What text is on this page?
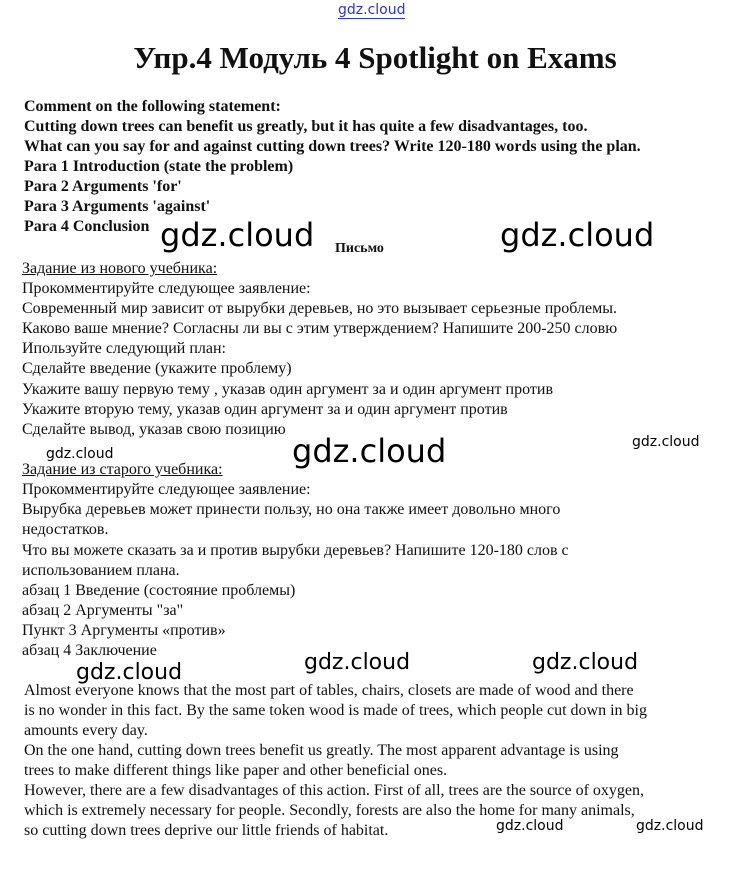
gdz.cloud
Упр.4 Модуль 4 Spotlight on Exams
Comment on the following statement:
Cutting down trees can benefit us greatly, but it has quite a few disadvantages, too.
What can you say for and against cutting down trees? Write 120-180 words using the plan.
Para 1 Introduction (state the problem)
Para 2 Arguments 'for'
Para 3 Arguments 'against'
Para 4 Conclusion
Письмо
Задание из нового учебника:
Прокомментируйте следующее заявление:
Современный мир зависит от вырубки деревьев, но это вызывает серьезные проблемы.
Каково ваше мнение? Согласны ли вы с этим утверждением? Напишите 200-250 словю
Ипользуйте следующий план:
Сделайте введение (укажите проблему)
Укажите вашу первую тему , указав один аргумент за и один аргумент против
Укажите вторую тему, указав один аргумент за и один аргумент против
Сделайте вывод, указав свою позицию
Задание из старого учебника:
Прокомментируйте следующее заявление:
Вырубка деревьев может принести пользу, но она также имеет довольно много
недостатков.
Что вы можете сказать за и против вырубки деревьев? Напишите 120-180 слов с
использованием плана.
абзац 1 Введение (состояние проблемы)
абзац 2 Аргументы "за"
Пункт 3 Аргументы «против»
абзац 4 Заключение
Almost everyone knows that the most part of tables, chairs, closets are made of wood and there
is no wonder in this fact. By the same token wood is made of trees, which people cut down in big
amounts every day.
On the one hand, cutting down trees benefit us greatly. The most apparent advantage is using
trees to make different things like paper and other beneficial ones.
However, there are a few disadvantages of this action. First of all, trees are the source of oxygen,
which is extremely necessary for people. Secondly, forests are also the home for many animals,
so cutting down trees deprive our little friends of habitat.
gdz.cloud	gdz.cloud
gdz.cloud	gdz.cloud
gdz.cloud
gdz.cloud	gdz.cloud	gdz.cloud
gdz.cloud	gdz.cloud
